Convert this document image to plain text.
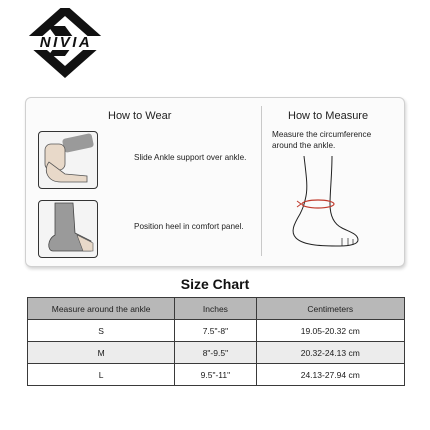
NIVIA
How to Wear	How to Measure
Slide Ankle support over ankle.
Position heel in comfort panel.
Measure the circumference around the ankle.
Size Chart
Measure around the ankle	Inches	Centimeters
S	7.5"-8"	19.05-20.32 cm
M	8"-9.5"	20.32-24.13 cm
L	9.5"-11"	24.13-27.94 cm
